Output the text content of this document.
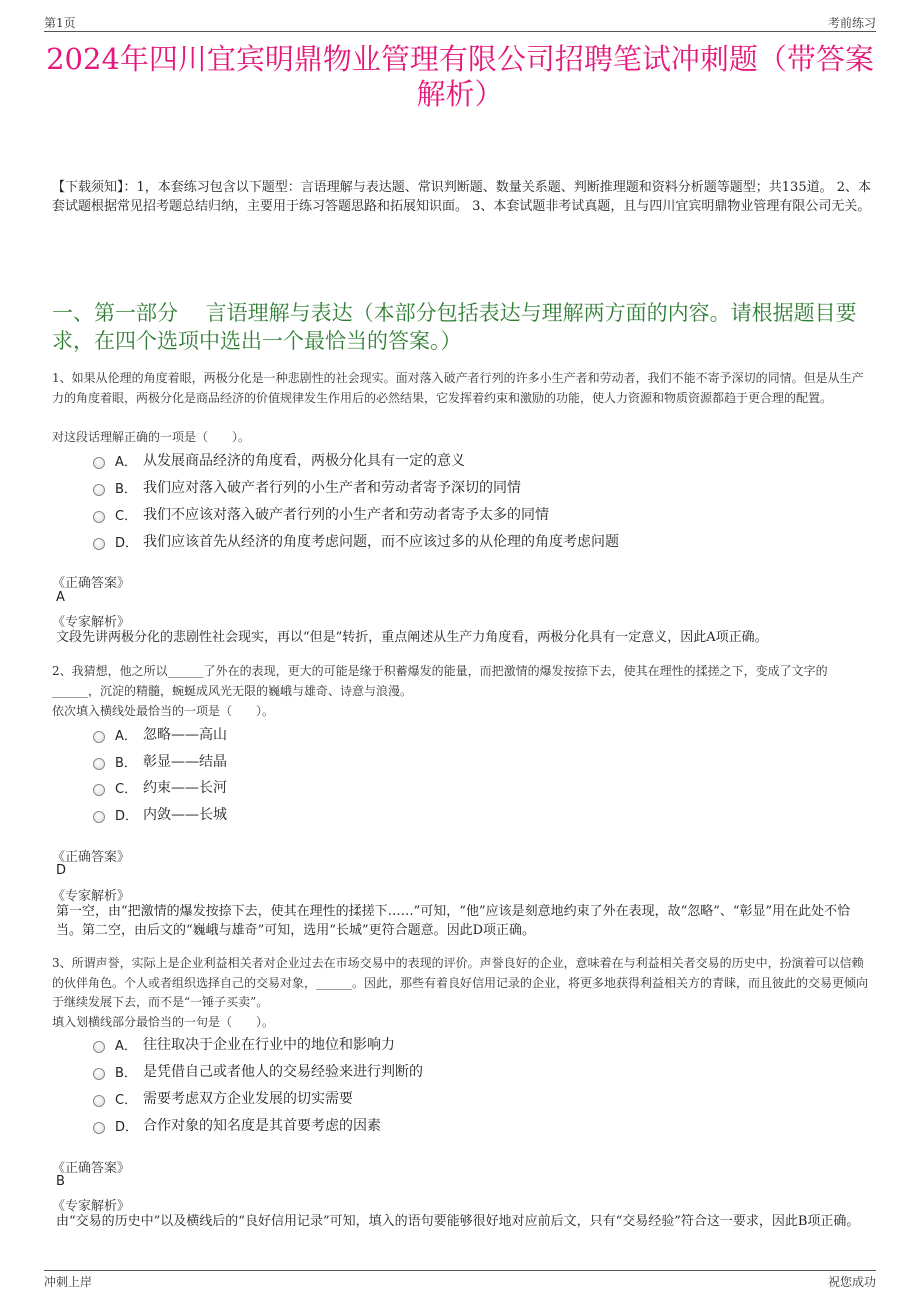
第1页	考前练习
2024年四川宜宾明鼎物业管理有限公司招聘笔试冲刺题（带答案解析）
【下载须知】：1，本套练习包含以下题型：言语理解与表达题、常识判断题、数量关系题、判断推理题和资料分析题等题型；共135道。 2、本套试题根据常见招考题总结归纳，主要用于练习答题思路和拓展知识面。 3、本套试题非考试真题，且与四川宜宾明鼎物业管理有限公司无关。
一、第一部分　 言语理解与表达（本部分包括表达与理解两方面的内容。请根据题目要求，在四个选项中选出一个最恰当的答案。）
1、如果从伦理的角度着眼，两极分化是一种悲剧性的社会现实。面对落入破产者行列的许多小生产者和劳动者，我们不能不寄予深切的同情。但是从生产力的角度着眼，两极分化是商品经济的价值规律发生作用后的必然结果，它发挥着约束和激励的功能，使人力资源和物质资源都趋于更合理的配置。
对这段话理解正确的一项是（　　）。
A． 从发展商品经济的角度看，两极分化具有一定的意义
B． 我们应对落入破产者行列的小生产者和劳动者寄予深切的同情
C． 我们不应该对落入破产者行列的小生产者和劳动者寄予太多的同情
D． 我们应该首先从经济的角度考虑问题，而不应该过多的从伦理的角度考虑问题
《正确答案》
A
《专家解析》
文段先讲两极分化的悲剧性社会现实，再以“但是”转折，重点阐述从生产力角度看，两极分化具有一定意义，因此A项正确。
2、我猜想，他之所以______了外在的表现，更大的可能是缘于积蓄爆发的能量，而把激情的爆发按捺下去，使其在理性的揉搓之下，变成了文字的______，沉淀的精髓，蜿蜒成风光无限的巍峨与雄奇、诗意与浪漫。
依次填入横线处最恰当的一项是（　　）。
A． 忽略——高山
B． 彰显——结晶
C． 约束——长河
D． 内敛——长城
《正确答案》
D
《专家解析》
第一空，由“把激情的爆发按捺下去，使其在理性的揉搓下……”可知，“他”应该是刻意地约束了外在表现，故“忽略”、“彰显”用在此处不恰当。第二空，由后文的“巍峨与雄奇”可知，选用“长城”更符合题意。因此D项正确。
3、所谓声誉，实际上是企业利益相关者对企业过去在市场交易中的表现的评价。声誉良好的企业，意味着在与利益相关者交易的历史中，扮演着可以信赖的伙伴角色。个人或者组织选择自己的交易对象，______。因此，那些有着良好信用记录的企业，将更多地获得利益相关方的青睐，而且彼此的交易更倾向于继续发展下去，而不是“一锤子买卖”。
填入划横线部分最恰当的一句是（　　）。
A． 往往取决于企业在行业中的地位和影响力
B． 是凭借自己或者他人的交易经验来进行判断的
C． 需要考虑双方企业发展的切实需要
D． 合作对象的知名度是其首要考虑的因素
《正确答案》
B
《专家解析》
由“交易的历史中”以及横线后的“良好信用记录”可知，填入的语句要能够很好地对应前后文，只有“交易经验”符合这一要求，因此B项正确。
冲刺上岸	祝您成功
